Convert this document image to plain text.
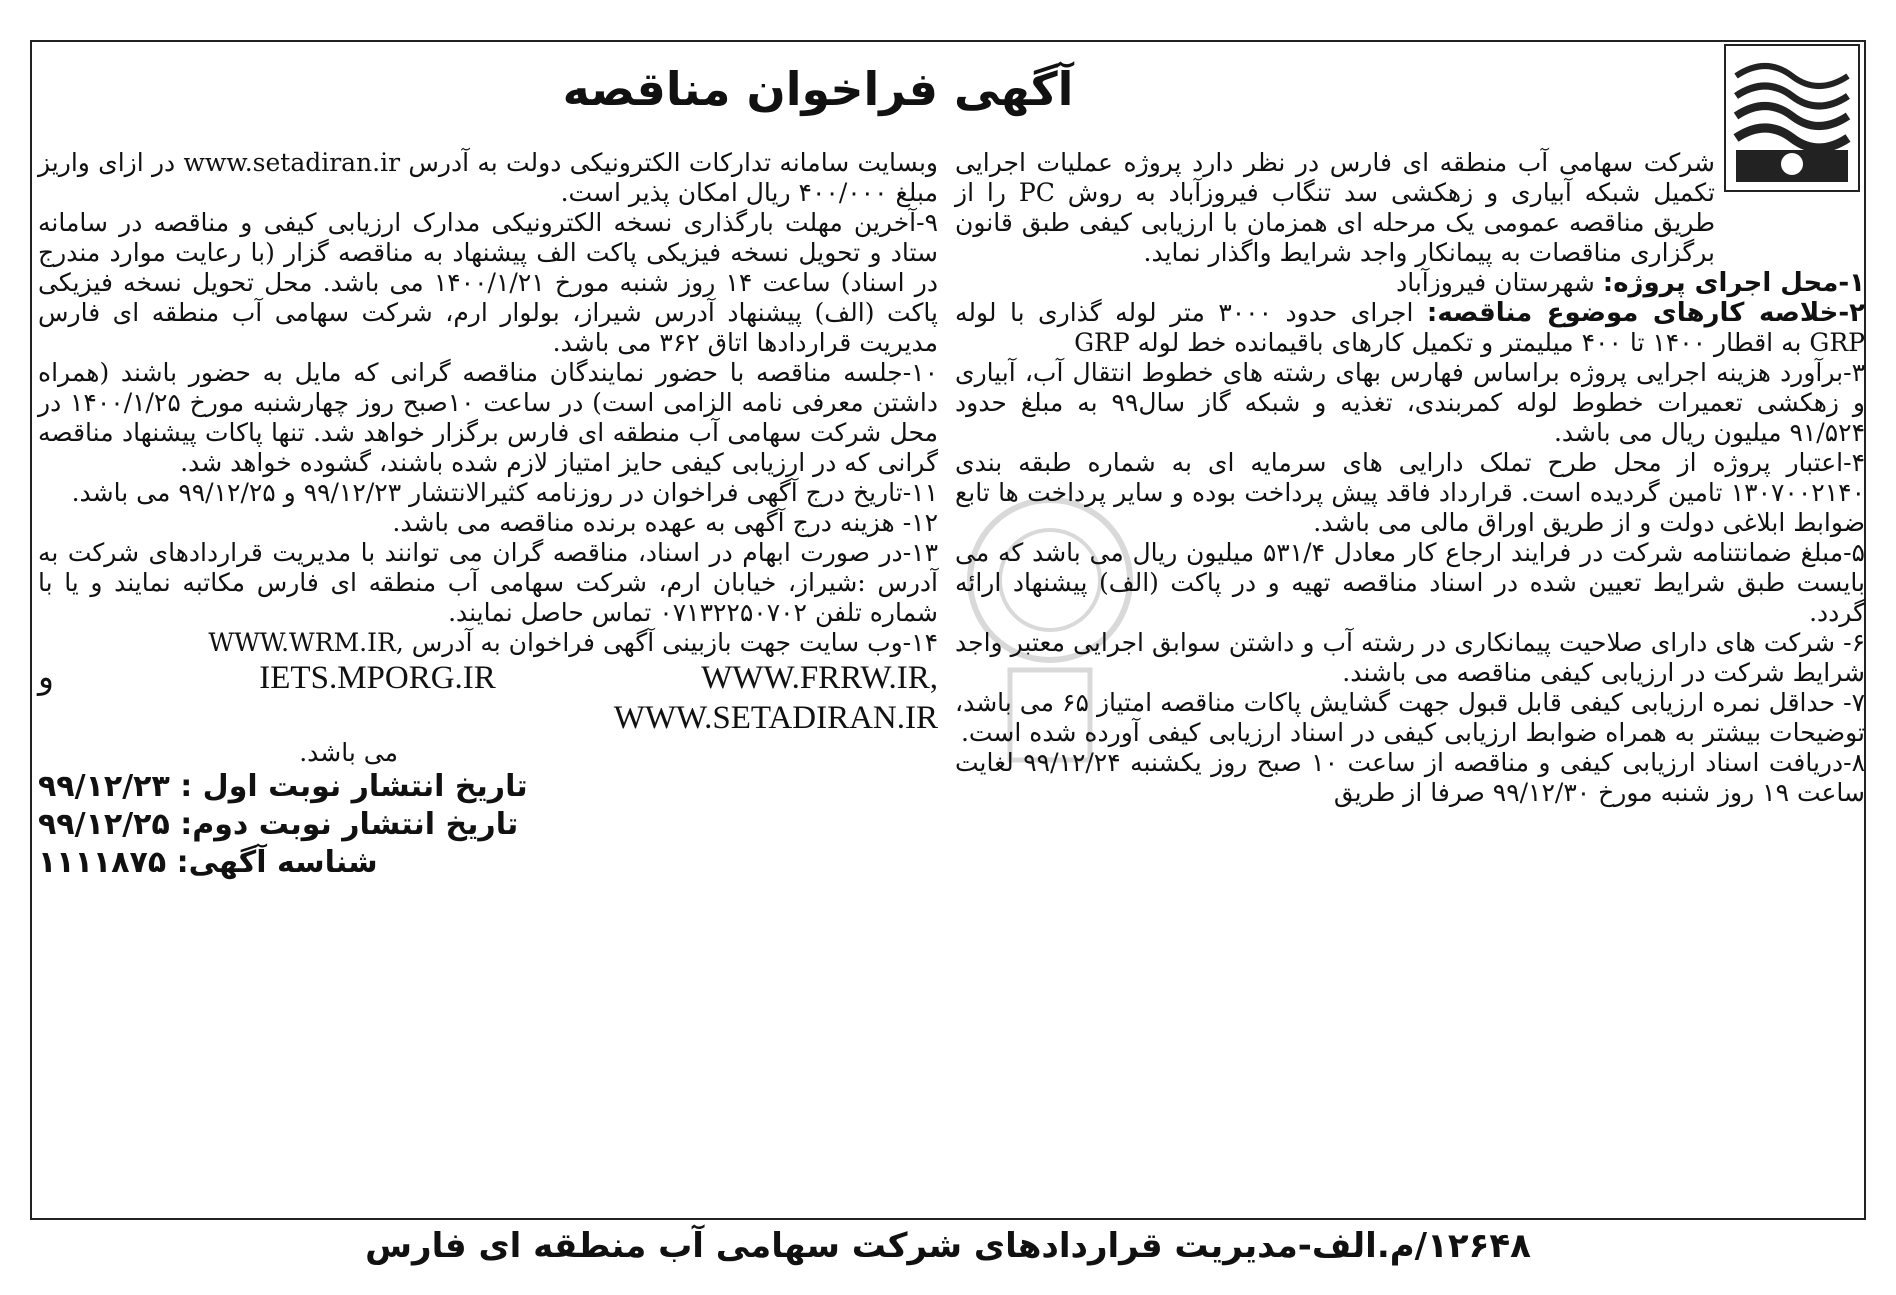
آگهی فراخوان مناقصه

شرکت سهامی آب منطقه ای فارس در نظر دارد پروژه عملیات اجرایی تکمیل شبکه آبیاری و زهکشی سد تنگاب فیروزآباد به روش PC را از طریق مناقصه عمومی یک مرحله ای همزمان با ارزیابی کیفی طبق قانون برگزاری مناقصات به پیمانکار واجد شرایط واگذار نماید.

۱-محل اجرای پروژه: شهرستان فیروزآباد

۲-خلاصه کارهای موضوع مناقصه: اجرای حدود ۳۰۰۰ متر لوله گذاری با لوله GRP به اقطار ۱۴۰۰ تا ۴۰۰ میلیمتر و تکمیل کارهای باقیمانده خط لوله GRP

۳-برآورد هزینه اجرایی پروژه براساس فهارس بهای رشته های خطوط انتقال آب، آبیاری و زهکشی تعمیرات خطوط لوله کمربندی، تغذیه و شبکه گاز سال۹۹ به مبلغ حدود ۹۱/۵۲۴ میلیون ریال می باشد.

۴-اعتبار پروژه از محل طرح تملک دارایی های سرمایه ای به شماره طبقه بندی ۱۳۰۷۰۰۲۱۴۰ تامین گردیده است. قرارداد فاقد پیش پرداخت بوده و سایر پرداخت ها تابع ضوابط ابلاغی دولت و از طریق اوراق مالی می باشد.

۵-مبلغ ضمانتنامه شرکت در فرایند ارجاع کار معادل ۵۳۱/۴ میلیون ریال می باشد که می بایست طبق شرایط تعیین شده در اسناد مناقصه تهیه و در پاکت (الف) پیشنهاد ارائه گردد.

۶- شرکت های دارای صلاحیت پیمانکاری در رشته آب و داشتن سوابق اجرایی معتبر واجد شرایط شرکت در ارزیابی کیفی مناقصه می باشند.

۷- حداقل نمره ارزیابی کیفی قابل قبول جهت گشایش پاکات مناقصه امتیاز ۶۵ می باشد، توضیحات بیشتر به همراه ضوابط ارزیابی کیفی در اسناد ارزیابی کیفی آورده شده است.

۸-دریافت اسناد ارزیابی کیفی و مناقصه از ساعت ۱۰ صبح روز یکشنبه ۹۹/۱۲/۲۴ لغایت ساعت ۱۹ روز شنبه مورخ ۹۹/۱۲/۳۰ صرفا از طریق

وبسایت سامانه تدارکات الکترونیکی دولت به آدرس www.setadiran.ir در ازای واریز مبلغ ۴۰۰/۰۰۰ ریال امکان پذیر است.

۹-آخرین مهلت بارگذاری نسخه الکترونیکی مدارک ارزیابی کیفی و مناقصه در سامانه ستاد و تحویل نسخه فیزیکی پاکت الف پیشنهاد به مناقصه گزار (با رعایت موارد مندرج در اسناد) ساعت ۱۴ روز شنبه مورخ ۱۴۰۰/۱/۲۱ می باشد. محل تحویل نسخه فیزیکی پاکت (الف) پیشنهاد آدرس شیراز، بولوار ارم، شرکت سهامی آب منطقه ای فارس مدیریت قراردادها اتاق ۳۶۲ می باشد.

۱۰-جلسه مناقصه با حضور نمایندگان مناقصه گرانی که مایل به حضور باشند (همراه داشتن معرفی نامه الزامی است) در ساعت ۱۰صبح روز چهارشنبه مورخ ۱۴۰۰/۱/۲۵ در محل شرکت سهامی آب منطقه ای فارس برگزار خواهد شد. تنها پاکات پیشنهاد مناقصه گرانی که در ارزیابی کیفی حایز امتیاز لازم شده باشند، گشوده خواهد شد.

۱۱-تاریخ درج آگهی فراخوان در روزنامه کثیرالانتشار ۹۹/۱۲/۲۳ و ۹۹/۱۲/۲۵ می باشد.

۱۲- هزینه درج آگهی به عهده برنده مناقصه می باشد.

۱۳-در صورت ابهام در اسناد، مناقصه گران می توانند با مدیریت قراردادهای شرکت به آدرس :شیراز، خیابان ارم، شرکت سهامی آب منطقه ای فارس مکاتبه نمایند و یا با شماره تلفن ۰۷۱۳۲۲۵۰۷۰۲ تماس حاصل نمایند.

۱۴-وب سایت جهت بازبینی آگهی فراخوان به آدرس WWW.WRM.IR,

و	IETS.MPORG.IR	WWW.FRRW.IR,
WWW.SETADIRAN.IR

می باشد.

تاریخ انتشار نوبت اول : ۹۹/۱۲/۲۳
تاریخ انتشار نوبت دوم: ۹۹/۱۲/۲۵
شناسه آگهی: ۱۱۱۱۸۷۵
۱۲۶۴۸/م.الف-مدیریت قراردادهای شرکت سهامی آب منطقه ای فارس
